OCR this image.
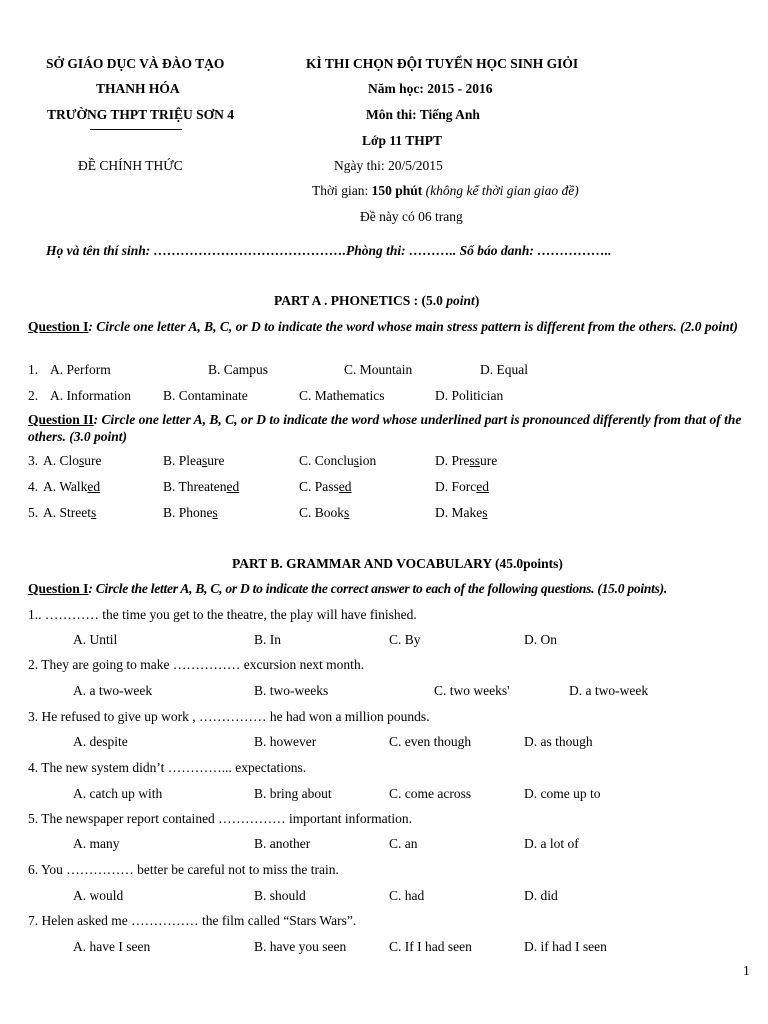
SỞ GIÁO DỤC VÀ ĐÀO TẠO
THANH HÓA
TRƯỜNG THPT TRIỆU SƠN 4
ĐỀ CHÍNH THỨC
KÌ THI CHỌN ĐỘI TUYỂN HỌC SINH GIỎI
Năm học: 2015 - 2016
Môn thi: Tiếng Anh
Lớp 11 THPT
Ngày thi: 20/5/2015
Thời gian: 150 phút (không kể thời gian giao đề)
Đề này có 06 trang
Họ và tên thí sinh: …………………………………….Phòng thi: ……….. Số báo danh: ……………..
PART A . PHONETICS : (5.0 point)
Question I: Circle one letter A, B, C, or D to indicate the word whose main stress pattern is different from the others. (2.0 point)
1. A. Perform	B. Campus	C. Mountain	D. Equal
2. A. Information B. Contaminate	C. Mathematics	D. Politician
Question II: Circle one letter A, B, C, or D to indicate the word whose underlined part is pronounced differently from that of the others. (3.0 point)
3. A. Closure	B. Pleasure	C. Conclusion	D. Pressure
4. A. Walked	B. Threatened	C. Passed	D. Forced
5. A. Streets	B. Phones	C. Books	D. Makes
PART B. GRAMMAR AND VOCABULARY (45.0points)
Question I: Circle the letter A, B, C, or D to indicate the correct answer to each of the following questions. (15.0 points).
1.. ………… the time you get to the theatre, the play will have finished.
A. Until	B. In	C. By	D. On
2. They are going to make …………… excursion next month.
A. a two-week	B. two-weeks	C. two weeks'	D. a two-week
3. He refused to give up work , …………… he had won a million pounds.
A. despite	B. however	C. even though	D. as though
4. The new system didn’t …………... expectations.
A. catch up with	B. bring about	C. come across	D. come up to
5. The newspaper report contained …………… important information.
A. many	B. another	C. an	D. a lot of
6. You …………… better be careful not to miss the train.
A. would	B. should	C. had	D. did
7. Helen asked me …………… the film called “Stars Wars”.
A. have I seen	B. have you seen	C. If I had seen	D. if had I seen
1
